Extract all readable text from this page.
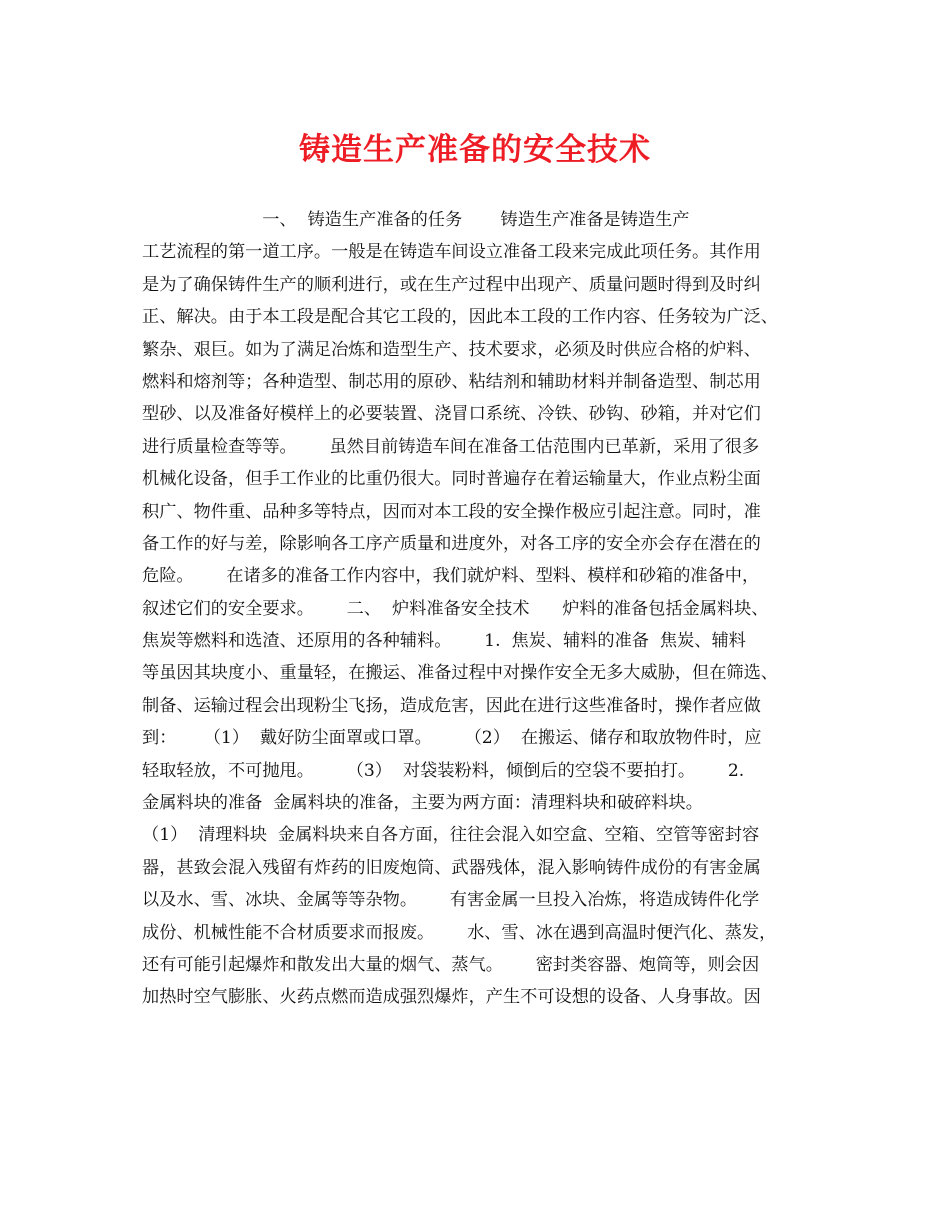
铸造生产准备的安全技术
一、  铸造生产准备的任务       铸造生产准备是铸造生产
工艺流程的第一道工序。一般是在铸造车间设立准备工段来完成此项任务。其作用
是为了确保铸件生产的顺利进行，或在生产过程中出现产、质量问题时得到及时纠
正、解决。由于本工段是配合其它工段的，因此本工段的工作内容、任务较为广泛、
繁杂、艰巨。如为了满足冶炼和造型生产、技术要求，必须及时供应合格的炉料、
燃料和熔剂等；各种造型、制芯用的原砂、粘结剂和辅助材料并制备造型、制芯用
型砂、以及准备好模样上的必要装置、浇冒口系统、冷铁、砂钩、砂箱，并对它们
进行质量检查等等。      虽然目前铸造车间在准备工估范围内已革新，采用了很多
机械化设备，但手工作业的比重仍很大。同时普遍存在着运输量大，作业点粉尘面
积广、物件重、品种多等特点，因而对本工段的安全操作极应引起注意。同时，准
备工作的好与差，除影响各工序产质量和进度外，对各工序的安全亦会存在潜在的
危险。      在诸多的准备工作内容中，我们就炉料、型料、模样和砂箱的准备中，
叙述它们的安全要求。      二、  炉料准备安全技术      炉料的准备包括金属料块、
焦炭等燃料和选渣、还原用的各种辅料。      1.  焦炭、辅料的准备  焦炭、辅料
等虽因其块度小、重量轻，在搬运、准备过程中对操作安全无多大威胁，但在筛选、
制备、运输过程会出现粉尘飞扬，造成危害，因此在进行这些准备时，操作者应做
到：     （1）  戴好防尘面罩或口罩。      （2）  在搬运、储存和取放物件时，应
轻取轻放，不可抛甩。      （3）  对袋装粉料，倾倒后的空袋不要拍打。      2.
金属料块的准备  金属料块的准备，主要为两方面：清理料块和破碎料块。
（1）  清理料块  金属料块来自各方面，往往会混入如空盒、空箱、空管等密封容
器，甚致会混入残留有炸药的旧废炮筒、武器残体，混入影响铸件成份的有害金属
以及水、雪、冰块、金属等等杂物。      有害金属一旦投入冶炼，将造成铸件化学
成份、机械性能不合材质要求而报废。      水、雪、冰在遇到高温时便汽化、蒸发，
还有可能引起爆炸和散发出大量的烟气、蒸气。      密封类容器、炮筒等，则会因
加热时空气膨胀、火药点燃而造成强烈爆炸，产生不可设想的设备、人身事故。因
